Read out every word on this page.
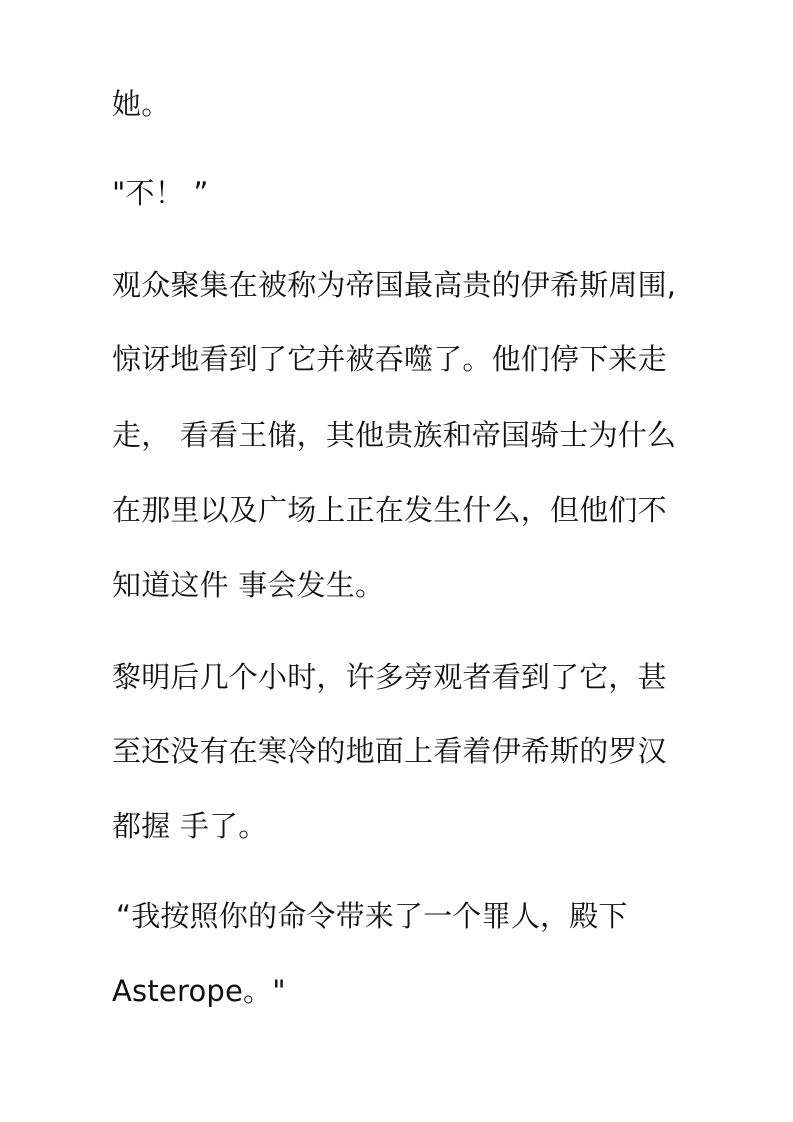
她。
"不！ ”
观众聚集在被称为帝国最高贵的伊希斯周围,
惊讶地看到了它并被吞噬了。他们停下来走
走， 看看王储，其他贵族和帝国骑士为什么
在那里以及广场上正在发生什么，但他们不
知道这件 事会发生。
黎明后几个小时，许多旁观者看到了它，甚
至还没有在寒冷的地面上看着伊希斯的罗汉
都握 手了。
“我按照你的命令带来了一个罪人，殿下
Asterope。"
